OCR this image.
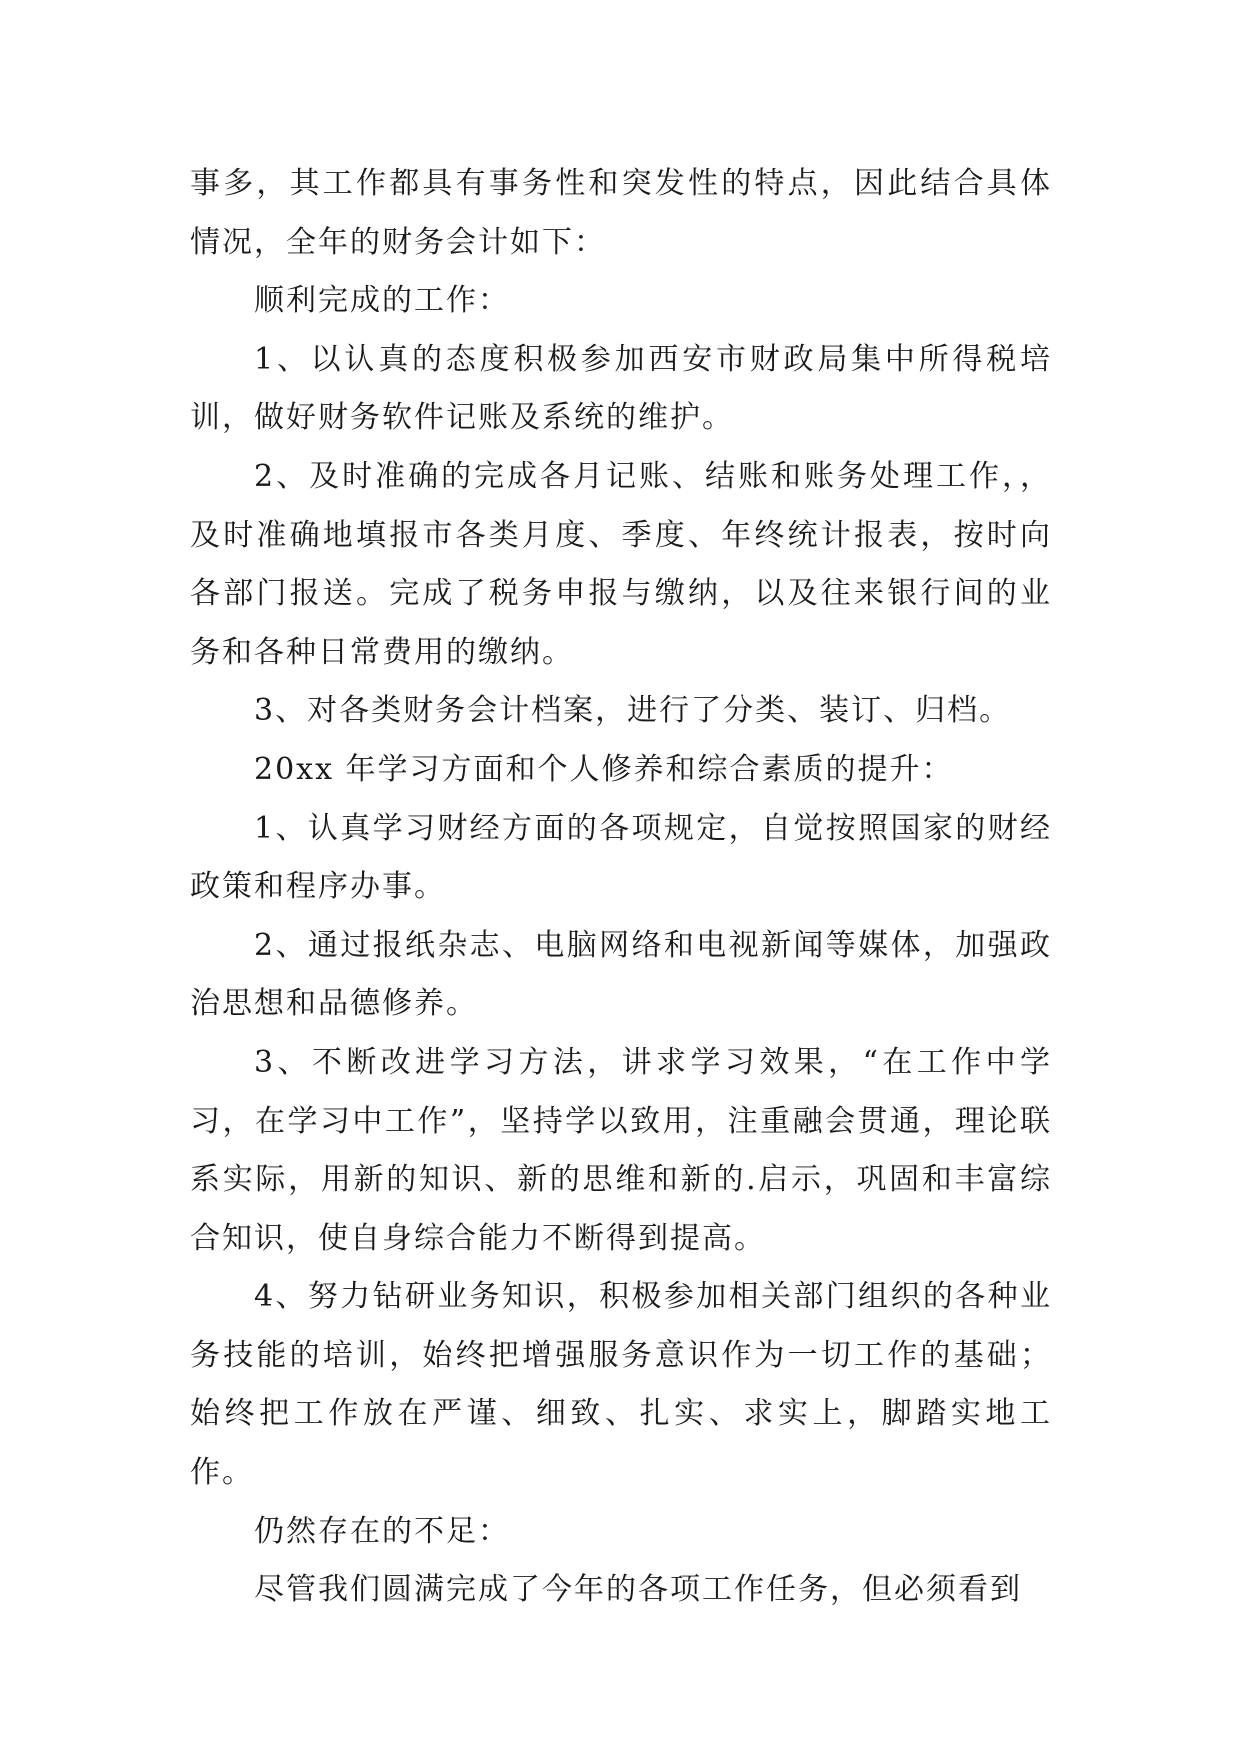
事多，其工作都具有事务性和突发性的特点，因此结合具体情况，全年的财务会计如下：

顺利完成的工作：

1、以认真的态度积极参加西安市财政局集中所得税培训，做好财务软件记账及系统的维护。

2、及时准确的完成各月记账、结账和账务处理工作，，及时准确地填报市各类月度、季度、年终统计报表，按时向各部门报送。完成了税务申报与缴纳，以及往来银行间的业务和各种日常费用的缴纳。

3、对各类财务会计档案，进行了分类、装订、归档。

20xx 年学习方面和个人修养和综合素质的提升：

1、认真学习财经方面的各项规定，自觉按照国家的财经政策和程序办事。

2、通过报纸杂志、电脑网络和电视新闻等媒体，加强政治思想和品德修养。

3、不断改进学习方法，讲求学习效果，“在工作中学习，在学习中工作”，坚持学以致用，注重融会贯通，理论联系实际，用新的知识、新的思维和新的.启示，巩固和丰富综合知识，使自身综合能力不断得到提高。

4、努力钻研业务知识，积极参加相关部门组织的各种业务技能的培训，始终把增强服务意识作为一切工作的基础；始终把工作放在严谨、细致、扎实、求实上，脚踏实地工作。

仍然存在的不足：

尽管我们圆满完成了今年的各项工作任务，但必须看到
